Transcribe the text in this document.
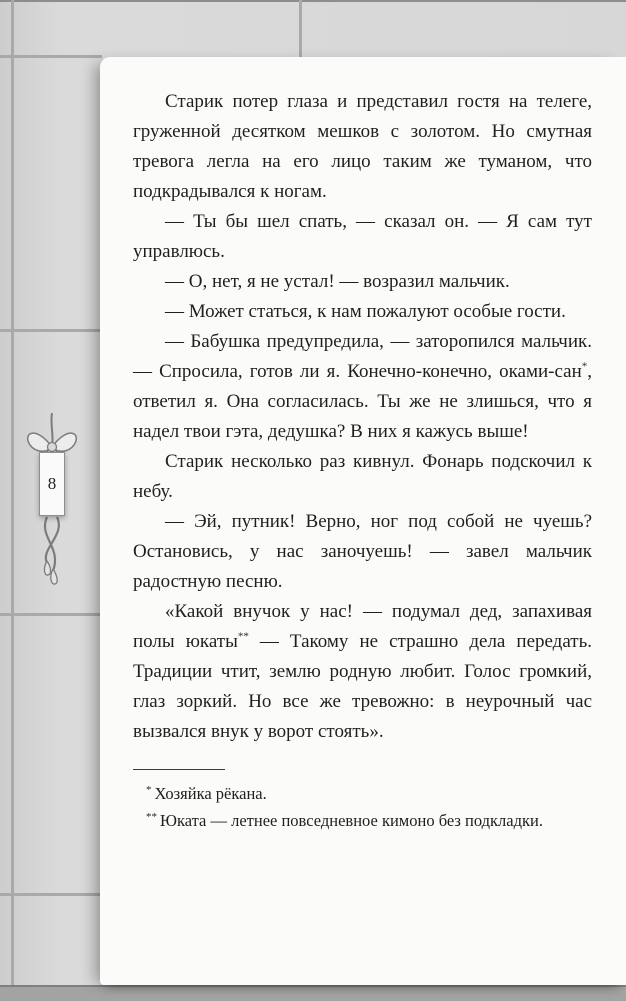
8

Старик потер глаза и представил гостя на телеге, груженной десятком мешков с золотом. Но смутная тревога легла на его лицо таким же туманом, что подкрадывался к ногам.

— Ты бы шел спать, — сказал он. — Я сам тут управлюсь.

— О, нет, я не устал! — возразил мальчик.

— Может статься, к нам пожалуют особые гости.

— Бабушка предупредила, — заторопился мальчик. — Спросила, готов ли я. Конечно-конечно, оками-сан*, ответил я. Она согласилась. Ты же не злишься, что я надел твои гэта, дедушка? В них я кажусь выше!

Старик несколько раз кивнул. Фонарь подскочил к небу.

— Эй, путник! Верно, ног под собой не чуешь? Остановись, у нас заночуешь! — завел мальчик радостную песню.

«Какой внучок у нас! — подумал дед, запахивая полы юкаты** — Такому не страшно дела передать. Традиции чтит, землю родную любит. Голос громкий, глаз зоркий. Но все же тревожно: в неурочный час вызвался внук у ворот стоять».

* Хозяйка рёкана.
** Юката — летнее повседневное кимоно без подкладки.
